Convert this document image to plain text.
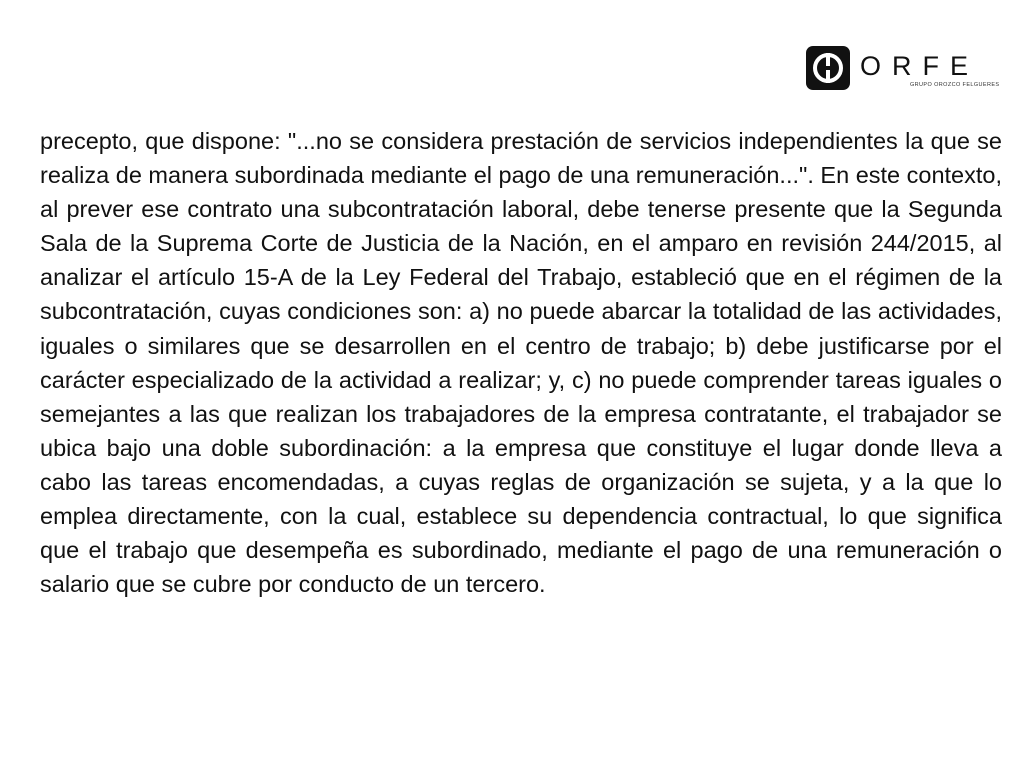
ORFE
GRUPO OROZCO FELGUERES

precepto, que dispone: "...no se considera prestación de servicios independientes la que se realiza de manera subordinada mediante el pago de una remuneración...". En este contexto, al prever ese contrato una subcontratación laboral, debe tenerse presente que la Segunda Sala de la Suprema Corte de Justicia de la Nación, en el amparo en revisión 244/2015, al analizar el artículo 15-A de la Ley Federal del Trabajo, estableció que en el régimen de la subcontratación, cuyas condiciones son: a) no puede abarcar la totalidad de las actividades, iguales o similares que se desarrollen en el centro de trabajo; b) debe justificarse por el carácter especializado de la actividad a realizar; y, c) no puede comprender tareas iguales o semejantes a las que realizan los trabajadores de la empresa contratante, el trabajador se ubica bajo una doble subordinación: a la empresa que constituye el lugar donde lleva a cabo las tareas encomendadas, a cuyas reglas de organización se sujeta, y a la que lo emplea directamente, con la cual, establece su dependencia contractual, lo que significa que el trabajo que desempeña es subordinado, mediante el pago de una remuneración o salario que se cubre por conducto de un tercero.
